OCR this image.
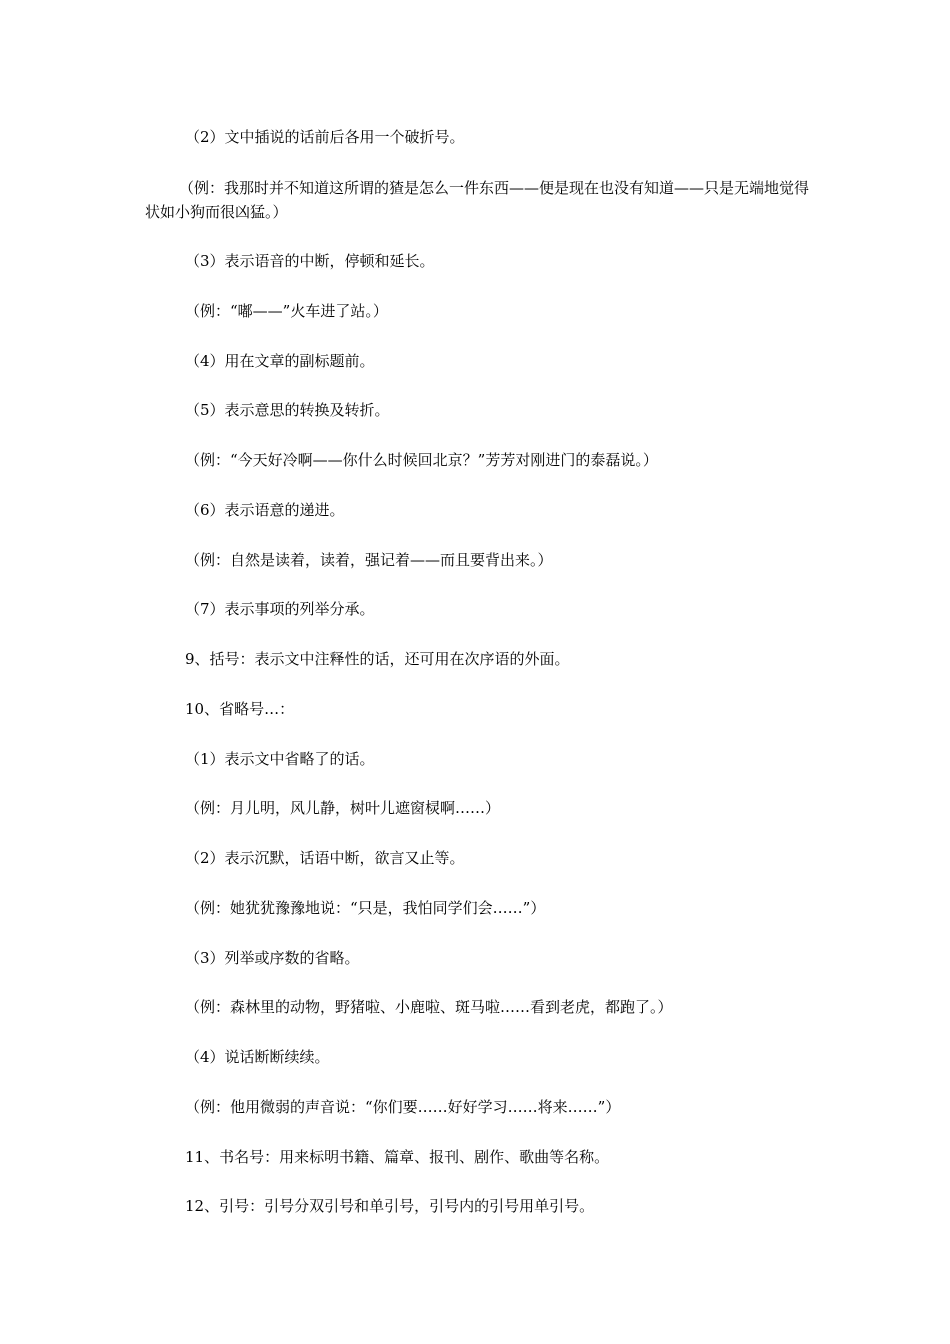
（2）文中插说的话前后各用一个破折号。
（例：我那时并不知道这所谓的猹是怎么一件东西——便是现在也没有知道——只是无端地觉得状如小狗而很凶猛。）
（3）表示语音的中断，停顿和延长。
（例：“嘟——”火车进了站。）
（4）用在文章的副标题前。
（5）表示意思的转换及转折。
（例：“今天好冷啊——你什么时候回北京？”芳芳对刚进门的泰磊说。）
（6）表示语意的递进。
（例：自然是读着，读着，强记着——而且要背出来。）
（7）表示事项的列举分承。
9、括号：表示文中注释性的话，还可用在次序语的外面。
10、省略号…：
（1）表示文中省略了的话。
（例：月儿明，风儿静，树叶儿遮窗棂啊……）
（2）表示沉默，话语中断，欲言又止等。
（例：她犹犹豫豫地说：“只是，我怕同学们会……”）
（3）列举或序数的省略。
（例：森林里的动物，野猪啦、小鹿啦、斑马啦……看到老虎，都跑了。）
（4）说话断断续续。
（例：他用微弱的声音说：“你们要……好好学习……将来……”）
11、书名号：用来标明书籍、篇章、报刊、剧作、歌曲等名称。
12、引号：引号分双引号和单引号，引号内的引号用单引号。
